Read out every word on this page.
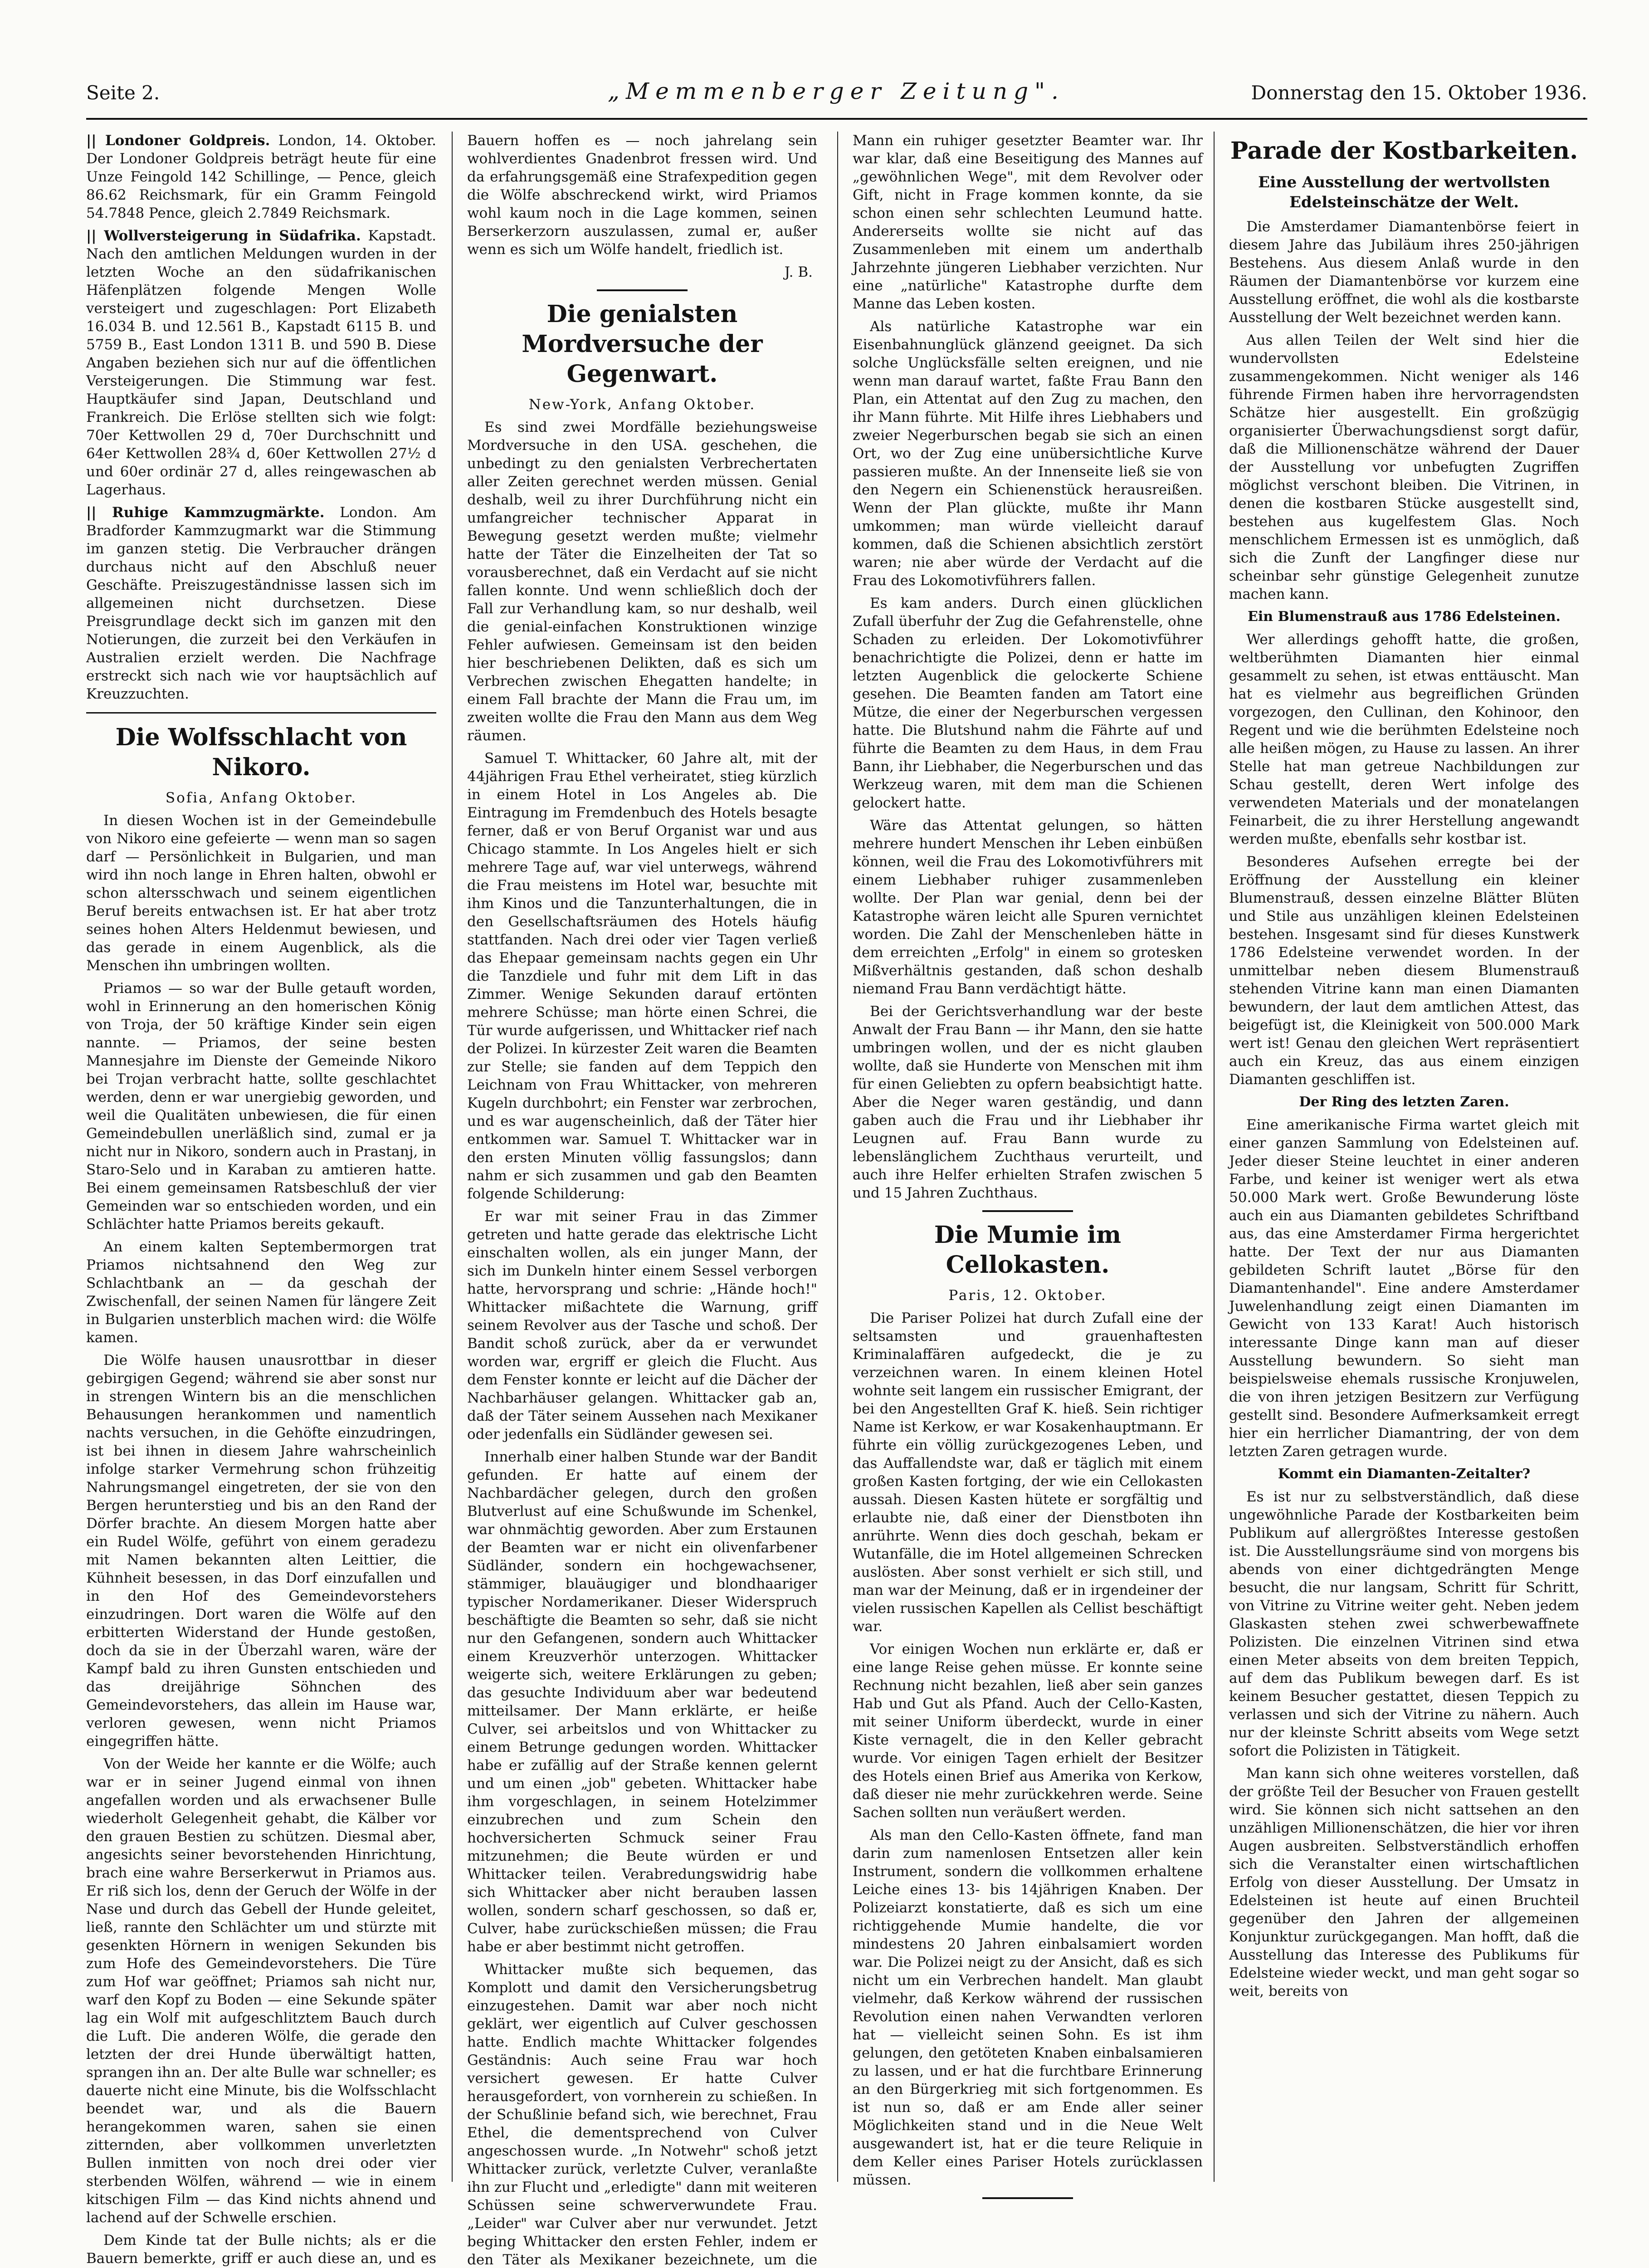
Seite 2.	„Memmenberger Zeitung".	Donnerstag den 15. Oktober 1936.

|| Londoner Goldpreis. London, 14. Oktober. Der Londoner Goldpreis beträgt heute für eine Unze Feingold 142 Schillinge, — Pence, gleich 86.62 Reichsmark, für ein Gramm Feingold 54.7848 Pence, gleich 2.7849 Reichsmark.

|| Wollversteigerung in Südafrika. Kapstadt. Nach den amtlichen Meldungen wurden in der letzten Woche an den südafrikanischen Häfenplätzen folgende Mengen Wolle versteigert und zugeschlagen: Port Elizabeth 16.034 B. und 12.561 B., Kapstadt 6115 B. und 5759 B., East London 1311 B. und 590 B. Diese Angaben beziehen sich nur auf die öffentlichen Versteigerungen. Die Stimmung war fest. Hauptkäufer sind Japan, Deutschland und Frankreich. Die Erlöse stellten sich wie folgt: 70er Kettwollen 29 d, 70er Durchschnitt und 64er Kettwollen 28¾ d, 60er Kettwollen 27½ d und 60er ordinär 27 d, alles reingewaschen ab Lagerhaus.

|| Ruhige Kammzugmärkte. London. Am Bradforder Kammzugmarkt war die Stimmung im ganzen stetig. Die Verbraucher drängen durchaus nicht auf den Abschluß neuer Geschäfte. Preiszugeständnisse lassen sich im allgemeinen nicht durchsetzen. Diese Preisgrundlage deckt sich im ganzen mit den Notierungen, die zurzeit bei den Verkäufen in Australien erzielt werden. Die Nachfrage erstreckt sich nach wie vor hauptsächlich auf Kreuzzuchten.

Die Wolfsschlacht von Nikoro.
Sofia, Anfang Oktober.

In diesen Wochen ist in der Gemeindebulle von Nikoro eine gefeierte — wenn man so sagen darf — Persönlichkeit in Bulgarien, und man wird ihn noch lange in Ehren halten, obwohl er schon altersschwach und seinem eigentlichen Beruf bereits entwachsen ist. Er hat aber trotz seines hohen Alters Heldenmut bewiesen, und das gerade in einem Augenblick, als die Menschen ihn umbringen wollten.

Priamos — so war der Bulle getauft worden, wohl in Erinnerung an den homerischen König von Troja, der 50 kräftige Kinder sein eigen nannte. — Priamos, der seine besten Mannesjahre im Dienste der Gemeinde Nikoro bei Trojan verbracht hatte, sollte geschlachtet werden, denn er war unergiebig geworden, und weil die Qualitäten unbewiesen, die für einen Gemeindebullen unerläßlich sind, zumal er ja nicht nur in Nikoro, sondern auch in Prastanj, in Staro-Selo und in Karaban zu amtieren hatte. Bei einem gemeinsamen Ratsbeschluß der vier Gemeinden war so entschieden worden, und ein Schlächter hatte Priamos bereits gekauft.

An einem kalten Septembermorgen trat Priamos nichtsahnend den Weg zur Schlachtbank an — da geschah der Zwischenfall, der seinen Namen für längere Zeit in Bulgarien unsterblich machen wird: die Wölfe kamen.

Die Wölfe hausen unausrottbar in dieser gebirgigen Gegend; während sie aber sonst nur in strengen Wintern bis an die menschlichen Behausungen herankommen und namentlich nachts versuchen, in die Gehöfte einzudringen, ist bei ihnen in diesem Jahre wahrscheinlich infolge starker Vermehrung schon frühzeitig Nahrungsmangel eingetreten, der sie von den Bergen herunterstieg und bis an den Rand der Dörfer brachte. An diesem Morgen hatte aber ein Rudel Wölfe, geführt von einem geradezu mit Namen bekannten alten Leittier, die Kühnheit besessen, in das Dorf einzufallen und in den Hof des Gemeindevorstehers einzudringen. Dort waren die Wölfe auf den erbitterten Widerstand der Hunde gestoßen, doch da sie in der Überzahl waren, wäre der Kampf bald zu ihren Gunsten entschieden und das dreijährige Söhnchen des Gemeindevorstehers, das allein im Hause war, verloren gewesen, wenn nicht Priamos eingegriffen hätte.

Von der Weide her kannte er die Wölfe; auch war er in seiner Jugend einmal von ihnen angefallen worden und als erwachsener Bulle wiederholt Gelegenheit gehabt, die Kälber vor den grauen Bestien zu schützen. Diesmal aber, angesichts seiner bevorstehenden Hinrichtung, brach eine wahre Berserkerwut in Priamos aus. Er riß sich los, denn der Geruch der Wölfe in der Nase und durch das Gebell der Hunde geleitet, ließ, rannte den Schlächter um und stürzte mit gesenkten Hörnern in wenigen Sekunden bis zum Hofe des Gemeindevorstehers. Die Türe zum Hof war geöffnet; Priamos sah nicht nur, warf den Kopf zu Boden — eine Sekunde später lag ein Wolf mit aufgeschlitztem Bauch durch die Luft. Die anderen Wölfe, die gerade den letzten der drei Hunde überwältigt hatten, sprangen ihn an. Der alte Bulle war schneller; es dauerte nicht eine Minute, bis die Wolfsschlacht beendet war, und als die Bauern herangekommen waren, sahen sie einen zitternden, aber vollkommen unverletzten Bullen inmitten von noch drei oder vier sterbenden Wölfen, während — wie in einem kitschigen Film — das Kind nichts ahnend und lachend auf der Schwelle erschien.

Dem Kinde tat der Bulle nichts; als er die Bauern bemerkte, griff er auch diese an, und es

Bauern hoffen es — noch jahrelang sein wohlverdientes Gnadenbrot fressen wird. Und da erfahrungsgemäß eine Strafexpedition gegen die Wölfe abschreckend wirkt, wird Priamos wohl kaum noch in die Lage kommen, seinen Berserkerzorn auszulassen, zumal er, außer wenn es sich um Wölfe handelt, friedlich ist.

J. B.
Die genialsten Mordversuche der Gegenwart.
New-York, Anfang Oktober.

Es sind zwei Mordfälle beziehungsweise Mordversuche in den USA. geschehen, die unbedingt zu den genialsten Verbrechertaten aller Zeiten gerechnet werden müssen. Genial deshalb, weil zu ihrer Durchführung nicht ein umfangreicher technischer Apparat in Bewegung gesetzt werden mußte; vielmehr hatte der Täter die Einzelheiten der Tat so vorausberechnet, daß ein Verdacht auf sie nicht fallen konnte. Und wenn schließlich doch der Fall zur Verhandlung kam, so nur deshalb, weil die genial-einfachen Konstruktionen winzige Fehler aufwiesen. Gemeinsam ist den beiden hier beschriebenen Delikten, daß es sich um Verbrechen zwischen Ehegatten handelte; in einem Fall brachte der Mann die Frau um, im zweiten wollte die Frau den Mann aus dem Weg räumen.

Samuel T. Whittacker, 60 Jahre alt, mit der 44jährigen Frau Ethel verheiratet, stieg kürzlich in einem Hotel in Los Angeles ab. Die Eintragung im Fremdenbuch des Hotels besagte ferner, daß er von Beruf Organist war und aus Chicago stammte. In Los Angeles hielt er sich mehrere Tage auf, war viel unterwegs, während die Frau meistens im Hotel war, besuchte mit ihm Kinos und die Tanzunterhaltungen, die in den Gesellschaftsräumen des Hotels häufig stattfanden. Nach drei oder vier Tagen verließ das Ehepaar gemeinsam nachts gegen ein Uhr die Tanzdiele und fuhr mit dem Lift in das Zimmer. Wenige Sekunden darauf ertönten mehrere Schüsse; man hörte einen Schrei, die Tür wurde aufgerissen, und Whittacker rief nach der Polizei. In kürzester Zeit waren die Beamten zur Stelle; sie fanden auf dem Teppich den Leichnam von Frau Whittacker, von mehreren Kugeln durchbohrt; ein Fenster war zerbrochen, und es war augenscheinlich, daß der Täter hier entkommen war. Samuel T. Whittacker war in den ersten Minuten völlig fassungslos; dann nahm er sich zusammen und gab den Beamten folgende Schilderung:

Er war mit seiner Frau in das Zimmer getreten und hatte gerade das elektrische Licht einschalten wollen, als ein junger Mann, der sich im Dunkeln hinter einem Sessel verborgen hatte, hervorsprang und schrie: „Hände hoch!" Whittacker mißachtete die Warnung, griff seinem Revolver aus der Tasche und schoß. Der Bandit schoß zurück, aber da er verwundet worden war, ergriff er gleich die Flucht. Aus dem Fenster konnte er leicht auf die Dächer der Nachbarhäuser gelangen. Whittacker gab an, daß der Täter seinem Aussehen nach Mexikaner oder jedenfalls ein Südländer gewesen sei.

Innerhalb einer halben Stunde war der Bandit gefunden. Er hatte auf einem der Nachbardächer gelegen, durch den großen Blutverlust auf eine Schußwunde im Schenkel, war ohnmächtig geworden. Aber zum Erstaunen der Beamten war er nicht ein olivenfarbener Südländer, sondern ein hochgewachsener, stämmiger, blauäugiger und blondhaariger typischer Nordamerikaner. Dieser Widerspruch beschäftigte die Beamten so sehr, daß sie nicht nur den Gefangenen, sondern auch Whittacker einem Kreuzverhör unterzogen. Whittacker weigerte sich, weitere Erklärungen zu geben; das gesuchte Individuum aber war bedeutend mitteilsamer. Der Mann erklärte, er heiße Culver, sei arbeitslos und von Whittacker zu einem Betrunge gedungen worden. Whittacker habe er zufällig auf der Straße kennen gelernt und um einen „job" gebeten. Whittacker habe ihm vorgeschlagen, in seinem Hotelzimmer einzubrechen und zum Schein den hochversicherten Schmuck seiner Frau mitzunehmen; die Beute würden er und Whittacker teilen. Verabredungswidrig habe sich Whittacker aber nicht berauben lassen wollen, sondern scharf geschossen, so daß er, Culver, habe zurückschießen müssen; die Frau habe er aber bestimmt nicht getroffen.

Whittacker mußte sich bequemen, das Komplott und damit den Versicherungsbetrug einzugestehen. Damit war aber noch nicht geklärt, wer eigentlich auf Culver geschossen hatte. Endlich machte Whittacker folgendes Geständnis: Auch seine Frau war hoch versichert gewesen. Er hatte Culver herausgefordert, von vornherein zu schießen. In der Schußlinie befand sich, wie berechnet, Frau Ethel, die dementsprechend von Culver angeschossen wurde. „In Notwehr" schoß jetzt Whittacker zurück, verletzte Culver, veranlaßte ihn zur Flucht und „erledigte" dann mit weiteren Schüssen seine schwerverwundete Frau. „Leider" war Culver aber nur verwundet. Jetzt beging Whittacker den ersten Fehler, indem er den Täter als Mexikaner bezeichnete, um die

Mann ein ruhiger gesetzter Beamter war. Ihr war klar, daß eine Beseitigung des Mannes auf „gewöhnlichen Wege", mit dem Revolver oder Gift, nicht in Frage kommen konnte, da sie schon einen sehr schlechten Leumund hatte. Andererseits wollte sie nicht auf das Zusammenleben mit einem um anderthalb Jahrzehnte jüngeren Liebhaber verzichten. Nur eine „natürliche" Katastrophe durfte dem Manne das Leben kosten.

Als natürliche Katastrophe war ein Eisenbahnunglück glänzend geeignet. Da sich solche Unglücksfälle selten ereignen, und nie wenn man darauf wartet, faßte Frau Bann den Plan, ein Attentat auf den Zug zu machen, den ihr Mann führte. Mit Hilfe ihres Liebhabers und zweier Negerburschen begab sie sich an einen Ort, wo der Zug eine unübersichtliche Kurve passieren mußte. An der Innenseite ließ sie von den Negern ein Schienenstück herausreißen. Wenn der Plan glückte, mußte ihr Mann umkommen; man würde vielleicht darauf kommen, daß die Schienen absichtlich zerstört waren; nie aber würde der Verdacht auf die Frau des Lokomotivführers fallen.

Es kam anders. Durch einen glücklichen Zufall überfuhr der Zug die Gefahrenstelle, ohne Schaden zu erleiden. Der Lokomotivführer benachrichtigte die Polizei, denn er hatte im letzten Augenblick die gelockerte Schiene gesehen. Die Beamten fanden am Tatort eine Mütze, die einer der Negerburschen vergessen hatte. Die Blutshund nahm die Fährte auf und führte die Beamten zu dem Haus, in dem Frau Bann, ihr Liebhaber, die Negerburschen und das Werkzeug waren, mit dem man die Schienen gelockert hatte.

Wäre das Attentat gelungen, so hätten mehrere hundert Menschen ihr Leben einbüßen können, weil die Frau des Lokomotivführers mit einem Liebhaber ruhiger zusammenleben wollte. Der Plan war genial, denn bei der Katastrophe wären leicht alle Spuren vernichtet worden. Die Zahl der Menschenleben hätte in dem erreichten „Erfolg" in einem so grotesken Mißverhältnis gestanden, daß schon deshalb niemand Frau Bann verdächtigt hätte.

Bei der Gerichtsverhandlung war der beste Anwalt der Frau Bann — ihr Mann, den sie hatte umbringen wollen, und der es nicht glauben wollte, daß sie Hunderte von Menschen mit ihm für einen Geliebten zu opfern beabsichtigt hatte. Aber die Neger waren geständig, und dann gaben auch die Frau und ihr Liebhaber ihr Leugnen auf. Frau Bann wurde zu lebenslänglichem Zuchthaus verurteilt, und auch ihre Helfer erhielten Strafen zwischen 5 und 15 Jahren Zuchthaus.

Die Mumie im Cellokasten.
Paris, 12. Oktober.

Die Pariser Polizei hat durch Zufall eine der seltsamsten und grauenhaftesten Kriminalaffären aufgedeckt, die je zu verzeichnen waren. In einem kleinen Hotel wohnte seit langem ein russischer Emigrant, der bei den Angestellten Graf K. hieß. Sein richtiger Name ist Kerkow, er war Kosakenhauptmann. Er führte ein völlig zurückgezogenes Leben, und das Auffallendste war, daß er täglich mit einem großen Kasten fortging, der wie ein Cellokasten aussah. Diesen Kasten hütete er sorgfältig und erlaubte nie, daß einer der Dienstboten ihn anrührte. Wenn dies doch geschah, bekam er Wutanfälle, die im Hotel allgemeinen Schrecken auslösten. Aber sonst verhielt er sich still, und man war der Meinung, daß er in irgendeiner der vielen russischen Kapellen als Cellist beschäftigt war.

Vor einigen Wochen nun erklärte er, daß er eine lange Reise gehen müsse. Er konnte seine Rechnung nicht bezahlen, ließ aber sein ganzes Hab und Gut als Pfand. Auch der Cello-Kasten, mit seiner Uniform überdeckt, wurde in einer Kiste vernagelt, die in den Keller gebracht wurde. Vor einigen Tagen erhielt der Besitzer des Hotels einen Brief aus Amerika von Kerkow, daß dieser nie mehr zurückkehren werde. Seine Sachen sollten nun veräußert werden.

Als man den Cello-Kasten öffnete, fand man darin zum namenlosen Entsetzen aller kein Instrument, sondern die vollkommen erhaltene Leiche eines 13- bis 14jährigen Knaben. Der Polizeiarzt konstatierte, daß es sich um eine richtiggehende Mumie handelte, die vor mindestens 20 Jahren einbalsamiert worden war. Die Polizei neigt zu der Ansicht, daß es sich nicht um ein Verbrechen handelt. Man glaubt vielmehr, daß Kerkow während der russischen Revolution einen nahen Verwandten verloren hat — vielleicht seinen Sohn. Es ist ihm gelungen, den getöteten Knaben einbalsamieren zu lassen, und er hat die furchtbare Erinnerung an den Bürgerkrieg mit sich fortgenommen. Es ist nun so, daß er am Ende aller seiner Möglichkeiten stand und in die Neue Welt ausgewandert ist, hat er die teure Reliquie in dem Keller eines Pariser Hotels zurücklassen müssen.

Parade der Kostbarkeiten.
Eine Ausstellung der wertvollsten Edelsteinschätze der Welt.

Die Amsterdamer Diamantenbörse feiert in diesem Jahre das Jubiläum ihres 250-jährigen Bestehens. Aus diesem Anlaß wurde in den Räumen der Diamantenbörse vor kurzem eine Ausstellung eröffnet, die wohl als die kostbarste Ausstellung der Welt bezeichnet werden kann.

Aus allen Teilen der Welt sind hier die wundervollsten Edelsteine zusammengekommen. Nicht weniger als 146 führende Firmen haben ihre hervorragendsten Schätze hier ausgestellt. Ein großzügig organisierter Überwachungsdienst sorgt dafür, daß die Millionenschätze während der Dauer der Ausstellung vor unbefugten Zugriffen möglichst verschont bleiben. Die Vitrinen, in denen die kostbaren Stücke ausgestellt sind, bestehen aus kugelfestem Glas. Noch menschlichem Ermessen ist es unmöglich, daß sich die Zunft der Langfinger diese nur scheinbar sehr günstige Gelegenheit zunutze machen kann.

Ein Blumenstrauß aus 1786 Edelsteinen.

Wer allerdings gehofft hatte, die großen, weltberühmten Diamanten hier einmal gesammelt zu sehen, ist etwas enttäuscht. Man hat es vielmehr aus begreiflichen Gründen vorgezogen, den Cullinan, den Kohinoor, den Regent und wie die berühmten Edelsteine noch alle heißen mögen, zu Hause zu lassen. An ihrer Stelle hat man getreue Nachbildungen zur Schau gestellt, deren Wert infolge des verwendeten Materials und der monatelangen Feinarbeit, die zu ihrer Herstellung angewandt werden mußte, ebenfalls sehr kostbar ist.

Besonderes Aufsehen erregte bei der Eröffnung der Ausstellung ein kleiner Blumenstrauß, dessen einzelne Blätter Blüten und Stile aus unzähligen kleinen Edelsteinen bestehen. Insgesamt sind für dieses Kunstwerk 1786 Edelsteine verwendet worden. In der unmittelbar neben diesem Blumenstrauß stehenden Vitrine kann man einen Diamanten bewundern, der laut dem amtlichen Attest, das beigefügt ist, die Kleinigkeit von 500.000 Mark wert ist! Genau den gleichen Wert repräsentiert auch ein Kreuz, das aus einem einzigen Diamanten geschliffen ist.

Der Ring des letzten Zaren.

Eine amerikanische Firma wartet gleich mit einer ganzen Sammlung von Edelsteinen auf. Jeder dieser Steine leuchtet in einer anderen Farbe, und keiner ist weniger wert als etwa 50.000 Mark wert. Große Bewunderung löste auch ein aus Diamanten gebildetes Schriftband aus, das eine Amsterdamer Firma hergerichtet hatte. Der Text der nur aus Diamanten gebildeten Schrift lautet „Börse für den Diamantenhandel". Eine andere Amsterdamer Juwelenhandlung zeigt einen Diamanten im Gewicht von 133 Karat! Auch historisch interessante Dinge kann man auf dieser Ausstellung bewundern. So sieht man beispielsweise ehemals russische Kronjuwelen, die von ihren jetzigen Besitzern zur Verfügung gestellt sind. Besondere Aufmerksamkeit erregt hier ein herrlicher Diamantring, der von dem letzten Zaren getragen wurde.

Kommt ein Diamanten-Zeitalter?

Es ist nur zu selbstverständlich, daß diese ungewöhnliche Parade der Kostbarkeiten beim Publikum auf allergrößtes Interesse gestoßen ist. Die Ausstellungsräume sind von morgens bis abends von einer dichtgedrängten Menge besucht, die nur langsam, Schritt für Schritt, von Vitrine zu Vitrine weiter geht. Neben jedem Glaskasten stehen zwei schwerbewaffnete Polizisten. Die einzelnen Vitrinen sind etwa einen Meter abseits von dem breiten Teppich, auf dem das Publikum bewegen darf. Es ist keinem Besucher gestattet, diesen Teppich zu verlassen und sich der Vitrine zu nähern. Auch nur der kleinste Schritt abseits vom Wege setzt sofort die Polizisten in Tätigkeit.

Man kann sich ohne weiteres vorstellen, daß der größte Teil der Besucher von Frauen gestellt wird. Sie können sich nicht sattsehen an den unzähligen Millionenschätzen, die hier vor ihren Augen ausbreiten. Selbstverständlich erhoffen sich die Veranstalter einen wirtschaftlichen Erfolg von dieser Ausstellung. Der Umsatz in Edelsteinen ist heute auf einen Bruchteil gegenüber den Jahren der allgemeinen Konjunktur zurückgegangen. Man hofft, daß die Ausstellung das Interesse des Publikums für Edelsteine wieder weckt, und man geht sogar so weit, bereits von
